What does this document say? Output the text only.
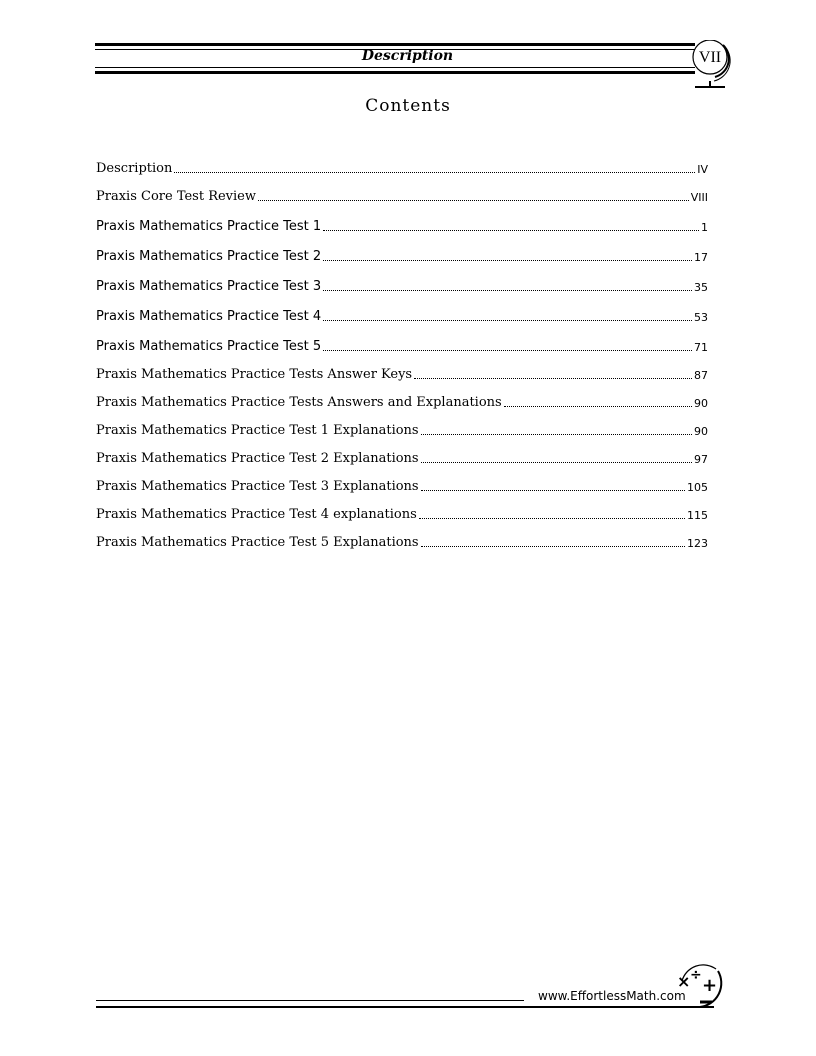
Description	VII
Contents
Description	IV
Praxis Core Test Review	VIII
Praxis Mathematics Practice Test 1	1
Praxis Mathematics Practice Test 2	17
Praxis Mathematics Practice Test 3	35
Praxis Mathematics Practice Test 4	53
Praxis Mathematics Practice Test 5	71
Praxis Mathematics Practice Tests Answer Keys	87
Praxis Mathematics Practice Tests Answers and Explanations	90
Praxis Mathematics Practice Test 1 Explanations	90
Praxis Mathematics Practice Test 2 Explanations	97
Praxis Mathematics Practice Test 3 Explanations	105
Praxis Mathematics Practice Test 4 explanations	115
Praxis Mathematics Practice Test 5 Explanations	123
www.EffortlessMath.com
× ÷ +
